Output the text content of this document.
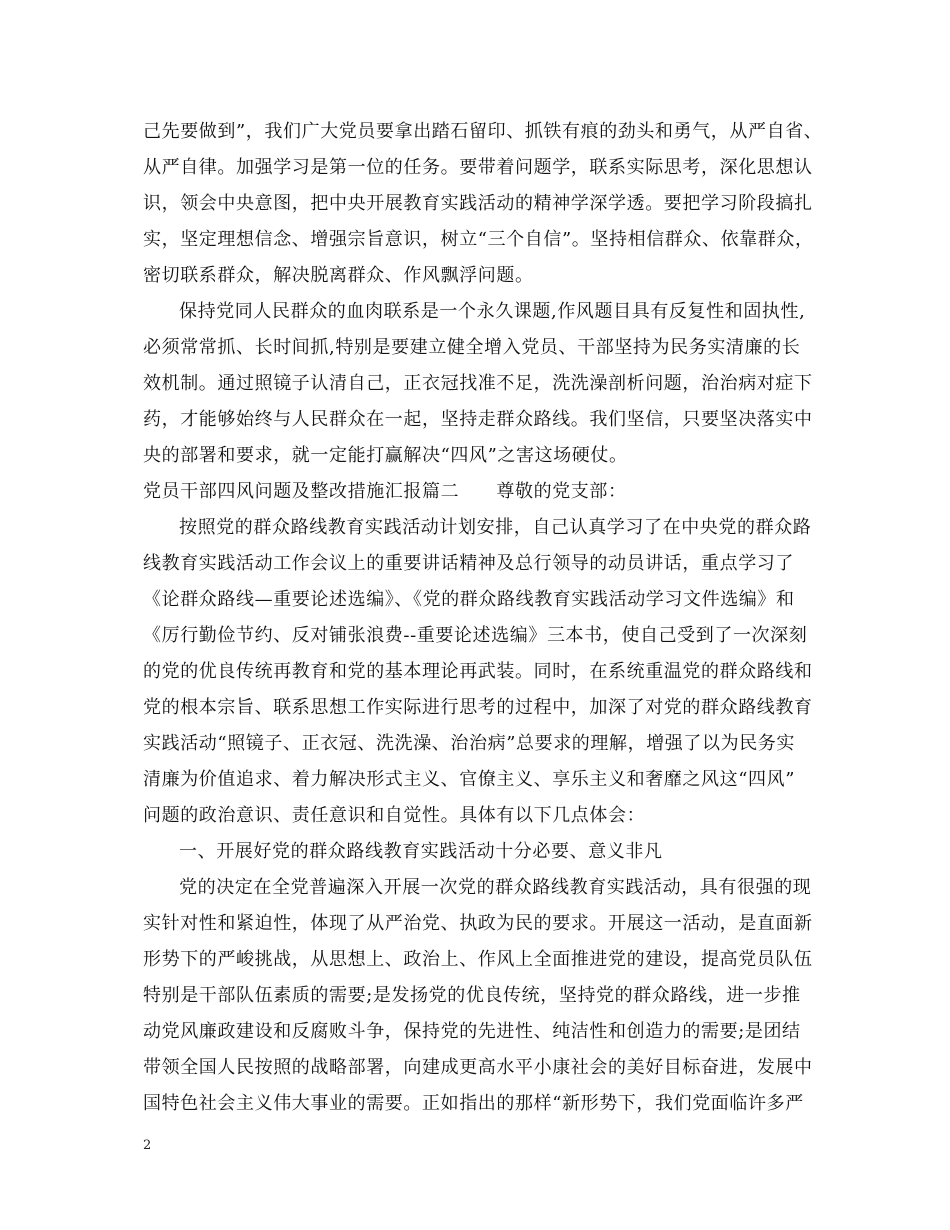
己先要做到”，我们广大党员要拿出踏石留印、抓铁有痕的劲头和勇气，从严自省、
从严自律。加强学习是第一位的任务。要带着问题学，联系实际思考，深化思想认
识，领会中央意图，把中央开展教育实践活动的精神学深学透。要把学习阶段搞扎
实，坚定理想信念、增强宗旨意识，树立“三个自信”。坚持相信群众、依靠群众，
密切联系群众，解决脱离群众、作风飘浮问题。
保持党同人民群众的血肉联系是一个永久课题,作风题目具有反复性和固执性,
必须常常抓、长时间抓,特别是要建立健全增入党员、干部坚持为民务实清廉的长
效机制。通过照镜子认清自己，正衣冠找准不足，洗洗澡剖析问题，治治病对症下
药，才能够始终与人民群众在一起，坚持走群众路线。我们坚信，只要坚决落实中
央的部署和要求，就一定能打赢解决“四风”之害这场硬仗。
党员干部四风问题及整改措施汇报篇二　　尊敬的党支部：
按照党的群众路线教育实践活动计划安排，自己认真学习了在中央党的群众路
线教育实践活动工作会议上的重要讲话精神及总行领导的动员讲话，重点学习了
《论群众路线—重要论述选编》、《党的群众路线教育实践活动学习文件选编》和
《厉行勤俭节约、反对铺张浪费--重要论述选编》三本书，使自己受到了一次深刻
的党的优良传统再教育和党的基本理论再武装。同时，在系统重温党的群众路线和
党的根本宗旨、联系思想工作实际进行思考的过程中，加深了对党的群众路线教育
实践活动“照镜子、正衣冠、洗洗澡、治治病”总要求的理解，增强了以为民务实
清廉为价值追求、着力解决形式主义、官僚主义、享乐主义和奢靡之风这“四风”
问题的政治意识、责任意识和自觉性。具体有以下几点体会：
一、开展好党的群众路线教育实践活动十分必要、意义非凡
党的决定在全党普遍深入开展一次党的群众路线教育实践活动，具有很强的现
实针对性和紧迫性，体现了从严治党、执政为民的要求。开展这一活动，是直面新
形势下的严峻挑战，从思想上、政治上、作风上全面推进党的建设，提高党员队伍
特别是干部队伍素质的需要;是发扬党的优良传统，坚持党的群众路线，进一步推
动党风廉政建设和反腐败斗争，保持党的先进性、纯洁性和创造力的需要;是团结
带领全国人民按照的战略部署，向建成更高水平小康社会的美好目标奋进，发展中
国特色社会主义伟大事业的需要。正如指出的那样“新形势下，我们党面临许多严
2
